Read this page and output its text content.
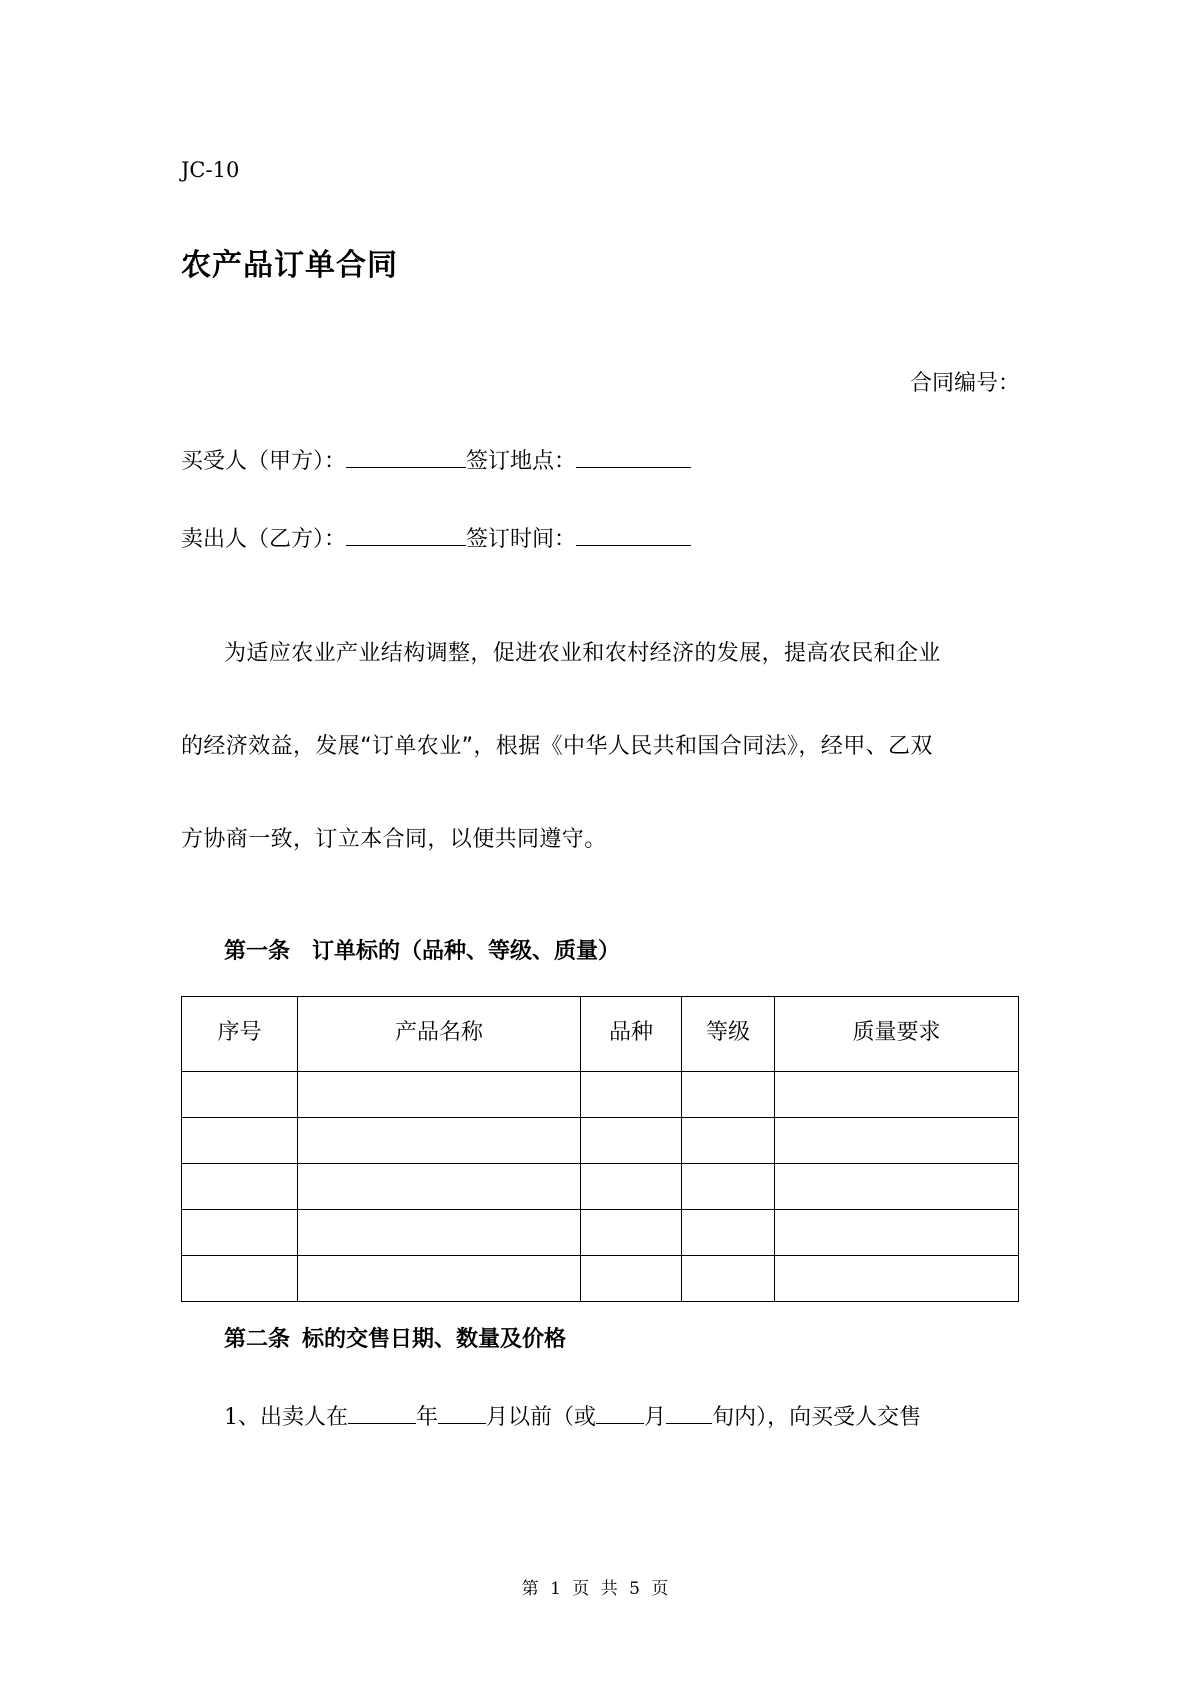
JC-10
农产品订单合同
合同编号：
买受人（甲方）：	签订地点：
卖出人（乙方）：	签订时间：
为适应农业产业结构调整，促进农业和农村经济的发展，提高农民和企业
的经济效益，发展“订单农业”，根据《中华人民共和国合同法》，经甲、乙双
方协商一致，订立本合同，以便共同遵守。
第一条 订单标的（品种、等级、质量）
序号	产品名称	品种	等级	质量要求

第二条 标的交售日期、数量及价格
1 、出卖人在	年 月以前（或 月 旬内），向买受人交售
第 1 页 共 5 页
